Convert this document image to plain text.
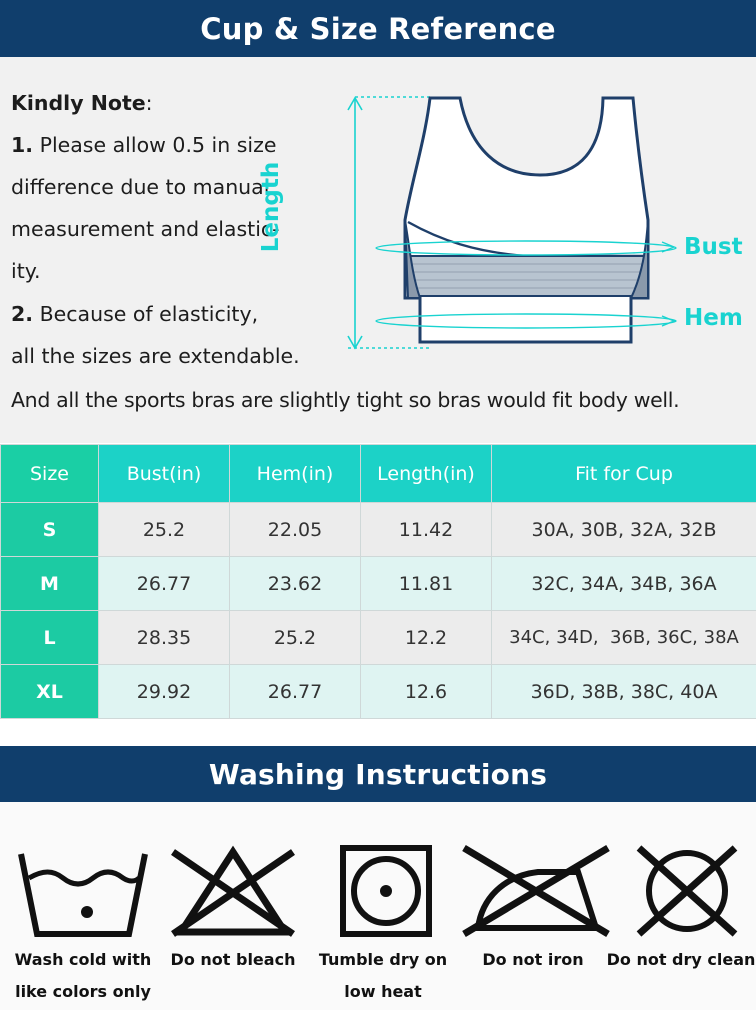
Cup & Size Reference
Kindly Note:
1. Please allow 0.5 in size
difference due to manual
measurement and elastic-
ity.
2. Because of elasticity,
all the sizes are extendable.
And all the sports bras are slightly tight so bras would fit body well.
Length	Bust
Hem
Size	Bust(in)	Hem(in)	Length(in)	Fit for Cup
S	25.2	22.05	11.42	30A, 30B, 32A, 32B
M	26.77	23.62	11.81	32C, 34A, 34B, 36A
L	28.35	25.2	12.2	34C, 34D,  36B, 36C, 38A
XL	29.92	26.77	12.6	36D, 38B, 38C, 40A
Washing Instructions
Wash cold with
like colors only
Do not bleach	Tumble dry on
low heat
Do not iron	Do not dry clean
